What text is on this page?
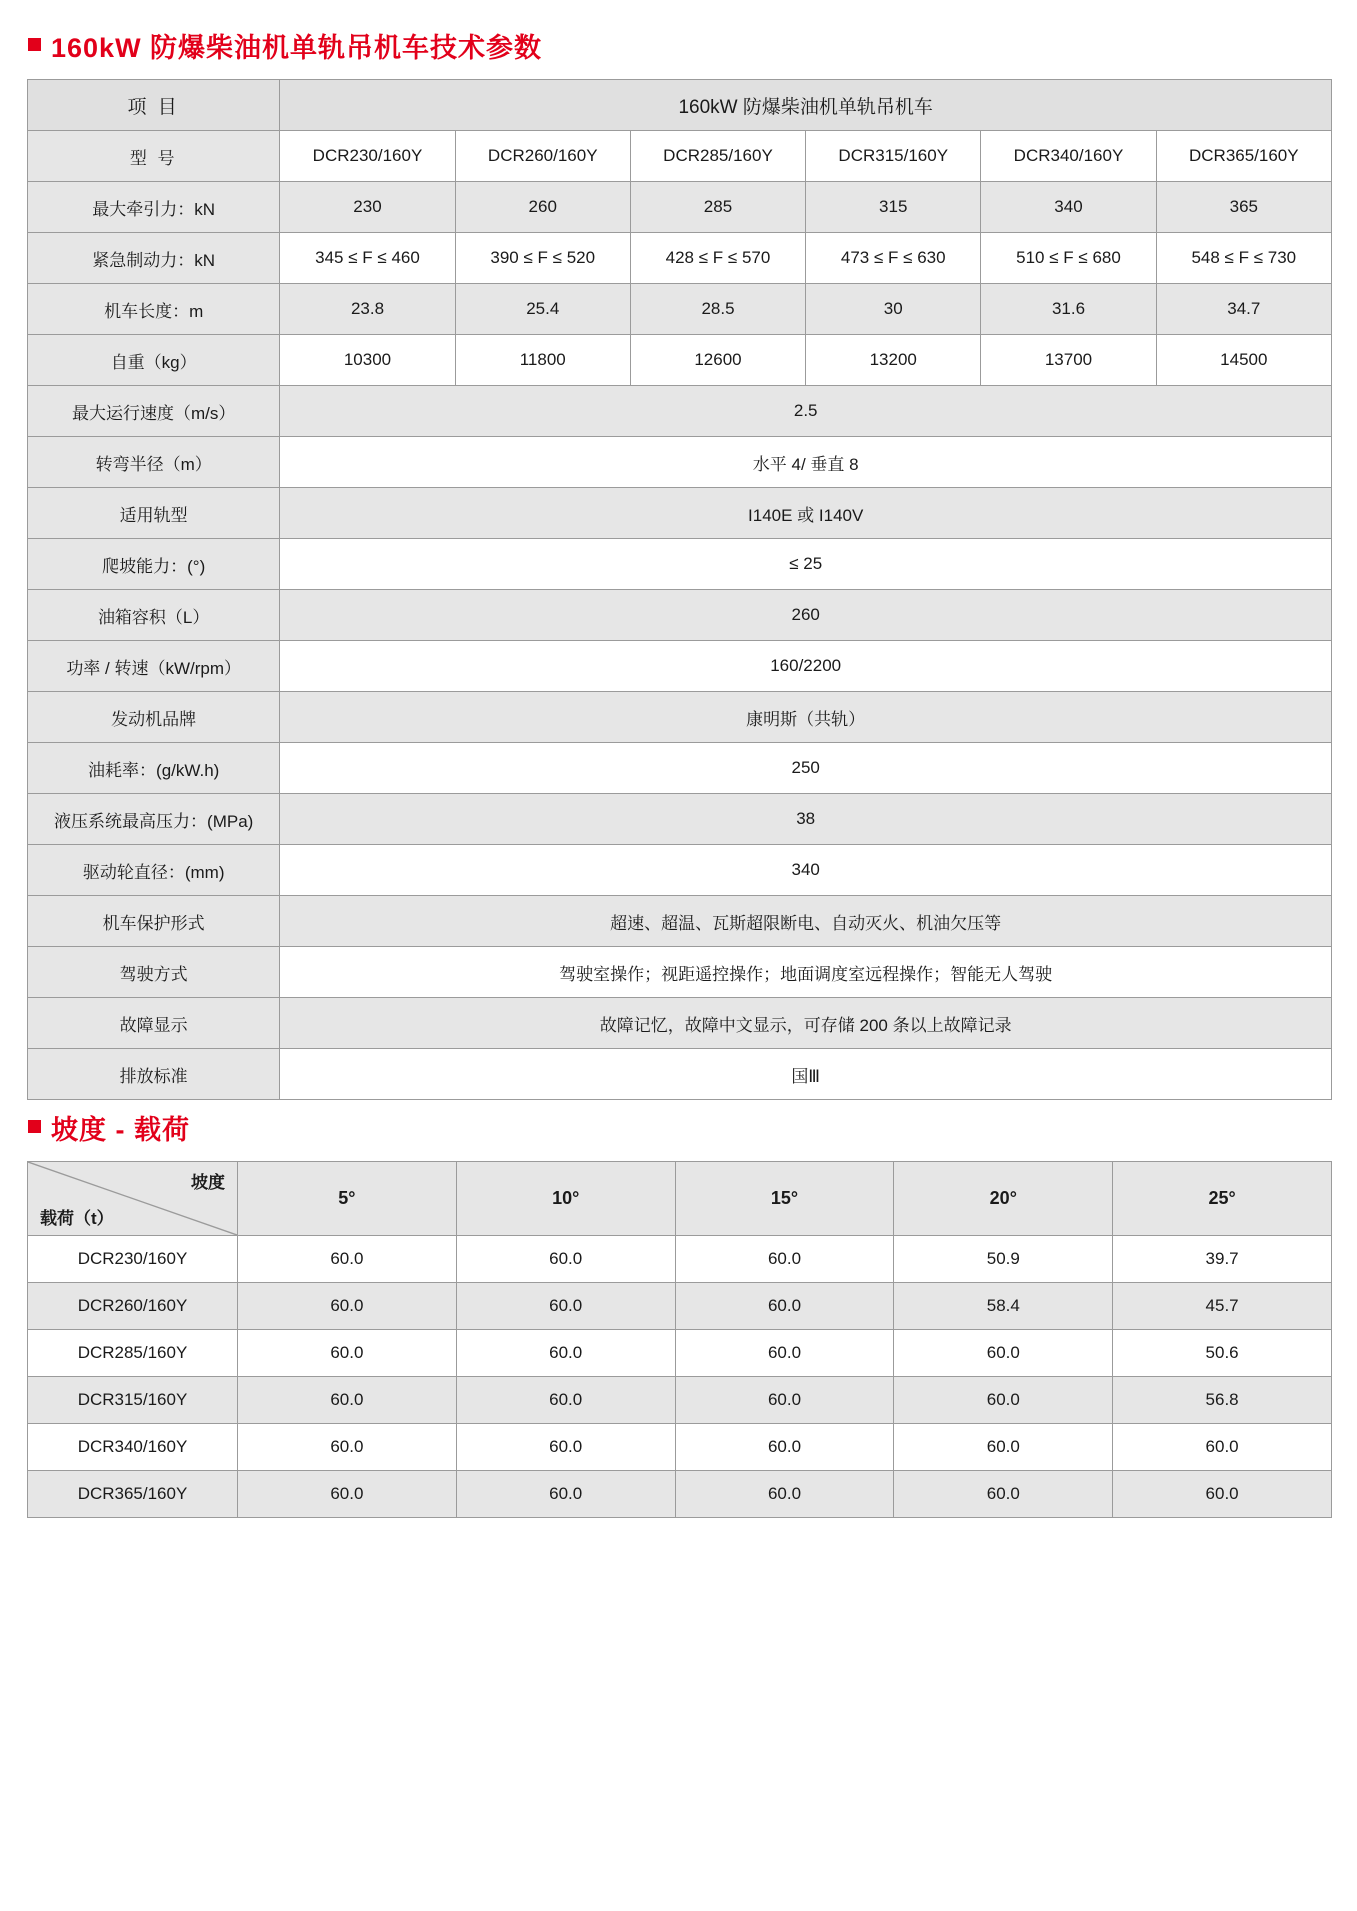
160kW 防爆柴油机单轨吊机车技术参数
项 目	160kW 防爆柴油机单轨吊机车					
型 号	DCR230/160Y	DCR260/160Y	DCR285/160Y	DCR315/160Y	DCR340/160Y	DCR365/160Y
最大牵引力：kN	230	260	285	315	340	365
紧急制动力：kN	345 ≤ F ≤ 460	390 ≤ F ≤ 520	428 ≤ F ≤ 570	473 ≤ F ≤ 630	510 ≤ F ≤ 680	548 ≤ F ≤ 730
机车长度：m	23.8	25.4	28.5	30	31.6	34.7
自重（kg）	10300	11800	12600	13200	13700	14500
最大运行速度（m/s）	2.5					
转弯半径（m）	水平 4/ 垂直 8					
适用轨型	I140E 或 I140V					
爬坡能力：(°)	≤ 25					
油箱容积（L）	260					
功率 / 转速（kW/rpm）	160/2200					
发动机品牌	康明斯（共轨）					
油耗率：(g/kW.h)	250					
液压系统最高压力：(MPa)	38					
驱动轮直径：(mm)	340					
机车保护形式	超速、超温、瓦斯超限断电、自动灭火、机油欠压等					
驾驶方式	驾驶室操作；视距遥控操作；地面调度室远程操作；智能无人驾驶					
故障显示	故障记忆，故障中文显示，可存储 200 条以上故障记录					
排放标准	国Ⅲ					
坡度 - 载荷
坡度
载荷（t）	5°	10°	15°	20°	25°
DCR230/160Y	60.0	60.0	60.0	50.9	39.7
DCR260/160Y	60.0	60.0	60.0	58.4	45.7
DCR285/160Y	60.0	60.0	60.0	60.0	50.6
DCR315/160Y	60.0	60.0	60.0	60.0	56.8
DCR340/160Y	60.0	60.0	60.0	60.0	60.0
DCR365/160Y	60.0	60.0	60.0	60.0	60.0
